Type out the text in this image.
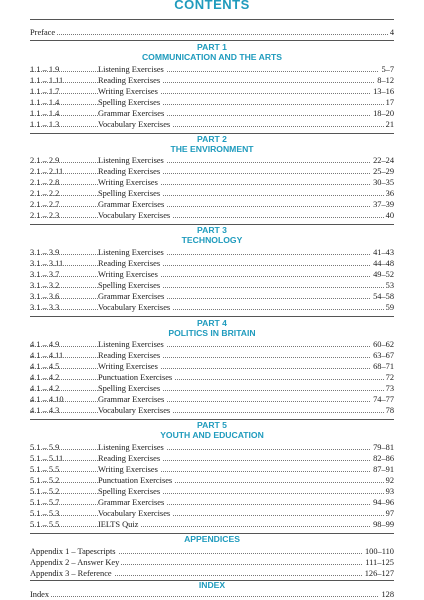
CONTENTS
Preface	4
PART 1
COMMUNICATION AND THE ARTS
1.1 – 1.9	Listening Exercises	5–7
1.1 – 1.11	Reading Exercises	8–12
1.1 – 1.7	Writing Exercises	13–16
1.1 – 1.4	Spelling Exercises	17
1.1 – 1.4	Grammar Exercises	18–20
1.1 – 1.3	Vocabulary Exercises	21
PART 2
THE ENVIRONMENT
2.1 – 2.9	Listening Exercises	22–24
2.1 – 2.11	Reading Exercises	25–29
2.1 – 2.8	Writing Exercises	30–35
2.1 – 2.2	Spelling Exercises	36
2.1 – 2.7	Grammar Exercises	37–39
2.1 – 2.3	Vocabulary Exercises	40
PART 3
TECHNOLOGY
3.1 – 3.9	Listening Exercises	41–43
3.1 – 3.11	Reading Exercises	44–48
3.1 – 3.7	Writing Exercises	49–52
3.1 – 3.2	Spelling Exercises	53
3.1 – 3.6	Grammar Exercises	54–58
3.1 – 3.3	Vocabulary Exercises	59
PART 4
POLITICS IN BRITAIN
4.1 – 4.9	Listening Exercises	60–62
4.1 – 4.11	Reading Exercises	63–67
4.1 – 4.5	Writing Exercises	68–71
4.1 – 4.2	Punctuation Exercises	72
4.1 – 4.2	Spelling Exercises	73
4.1 – 4.10	Grammar Exercises	74–77
4.1 – 4.3	Vocabulary Exercises	78
PART 5
YOUTH AND EDUCATION
5.1 – 5.9	Listening Exercises	79–81
5.1 – 5.11	Reading Exercises	82–86
5.1 – 5.5	Writing Exercises	87–91
5.1 – 5.2	Punctuation Exercises	92
5.1 – 5.2	Spelling Exercises	93
5.1 – 5.7	Grammar Exercises	94–96
5.1 – 5.3	Vocabulary Exercises	97
5.1 – 5.5	IELTS Quiz	98–99
APPENDICES
Appendix 1 – Tapescripts	100–110
Appendix 2 – Answer Key	111–125
Appendix 3 – Reference	126–127
INDEX
Index	128
